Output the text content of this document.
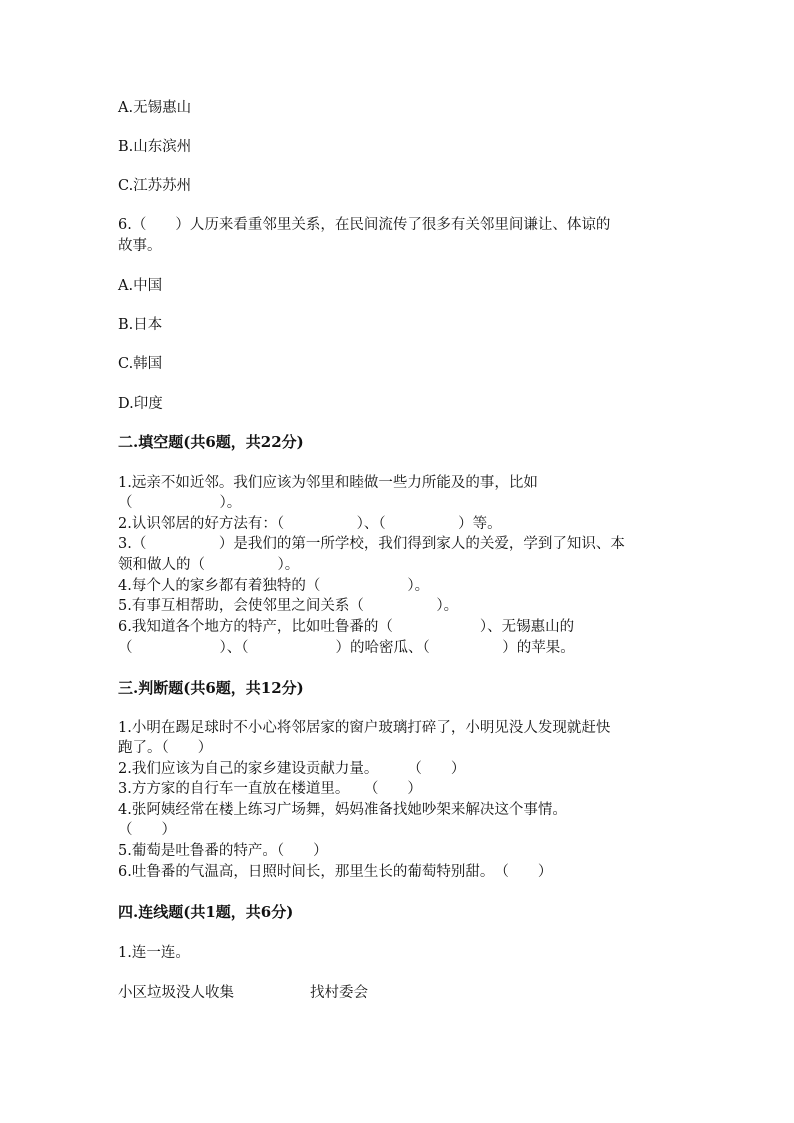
A.无锡惠山
B.山东滨州
C.江苏苏州
6.（　　）人历来看重邻里关系，在民间流传了很多有关邻里间谦让、体谅的
故事。
A.中国
B.日本
C.韩国
D.印度
二.填空题(共6题，共22分)
1.远亲不如近邻。我们应该为邻里和睦做一些力所能及的事，比如
（　　　　　　）。
2.认识邻居的好方法有：（　　　　　）、（　　　　　）等。
3.（　　　　　）是我们的第一所学校，我们得到家人的关爱，学到了知识、本
领和做人的（　　　　　）。
4.每个人的家乡都有着独特的（　　　　　　）。
5.有事互相帮助，会使邻里之间关系（　　　　　）。
6.我知道各个地方的特产，比如吐鲁番的（　　　　　　）、无锡惠山的
（　　　　　　）、（　　　　　　）的哈密瓜、（　　　　　）的苹果。
三.判断题(共6题，共12分)
1.小明在踢足球时不小心将邻居家的窗户玻璃打碎了，小明见没人发现就赶快
跑了。（　　）
2.我们应该为自己的家乡建设贡献力量。　　　（　　）
3.方方家的自行车一直放在楼道里。　　（　　）
4.张阿姨经常在楼上练习广场舞，妈妈准备找她吵架来解决这个事情。
（　　）
5.葡萄是吐鲁番的特产。（　　）
6.吐鲁番的气温高，日照时间长，那里生长的葡萄特别甜。　（　　）
四.连线题(共1题，共6分)
1.连一连。
小区垃圾没人收集	找村委会
